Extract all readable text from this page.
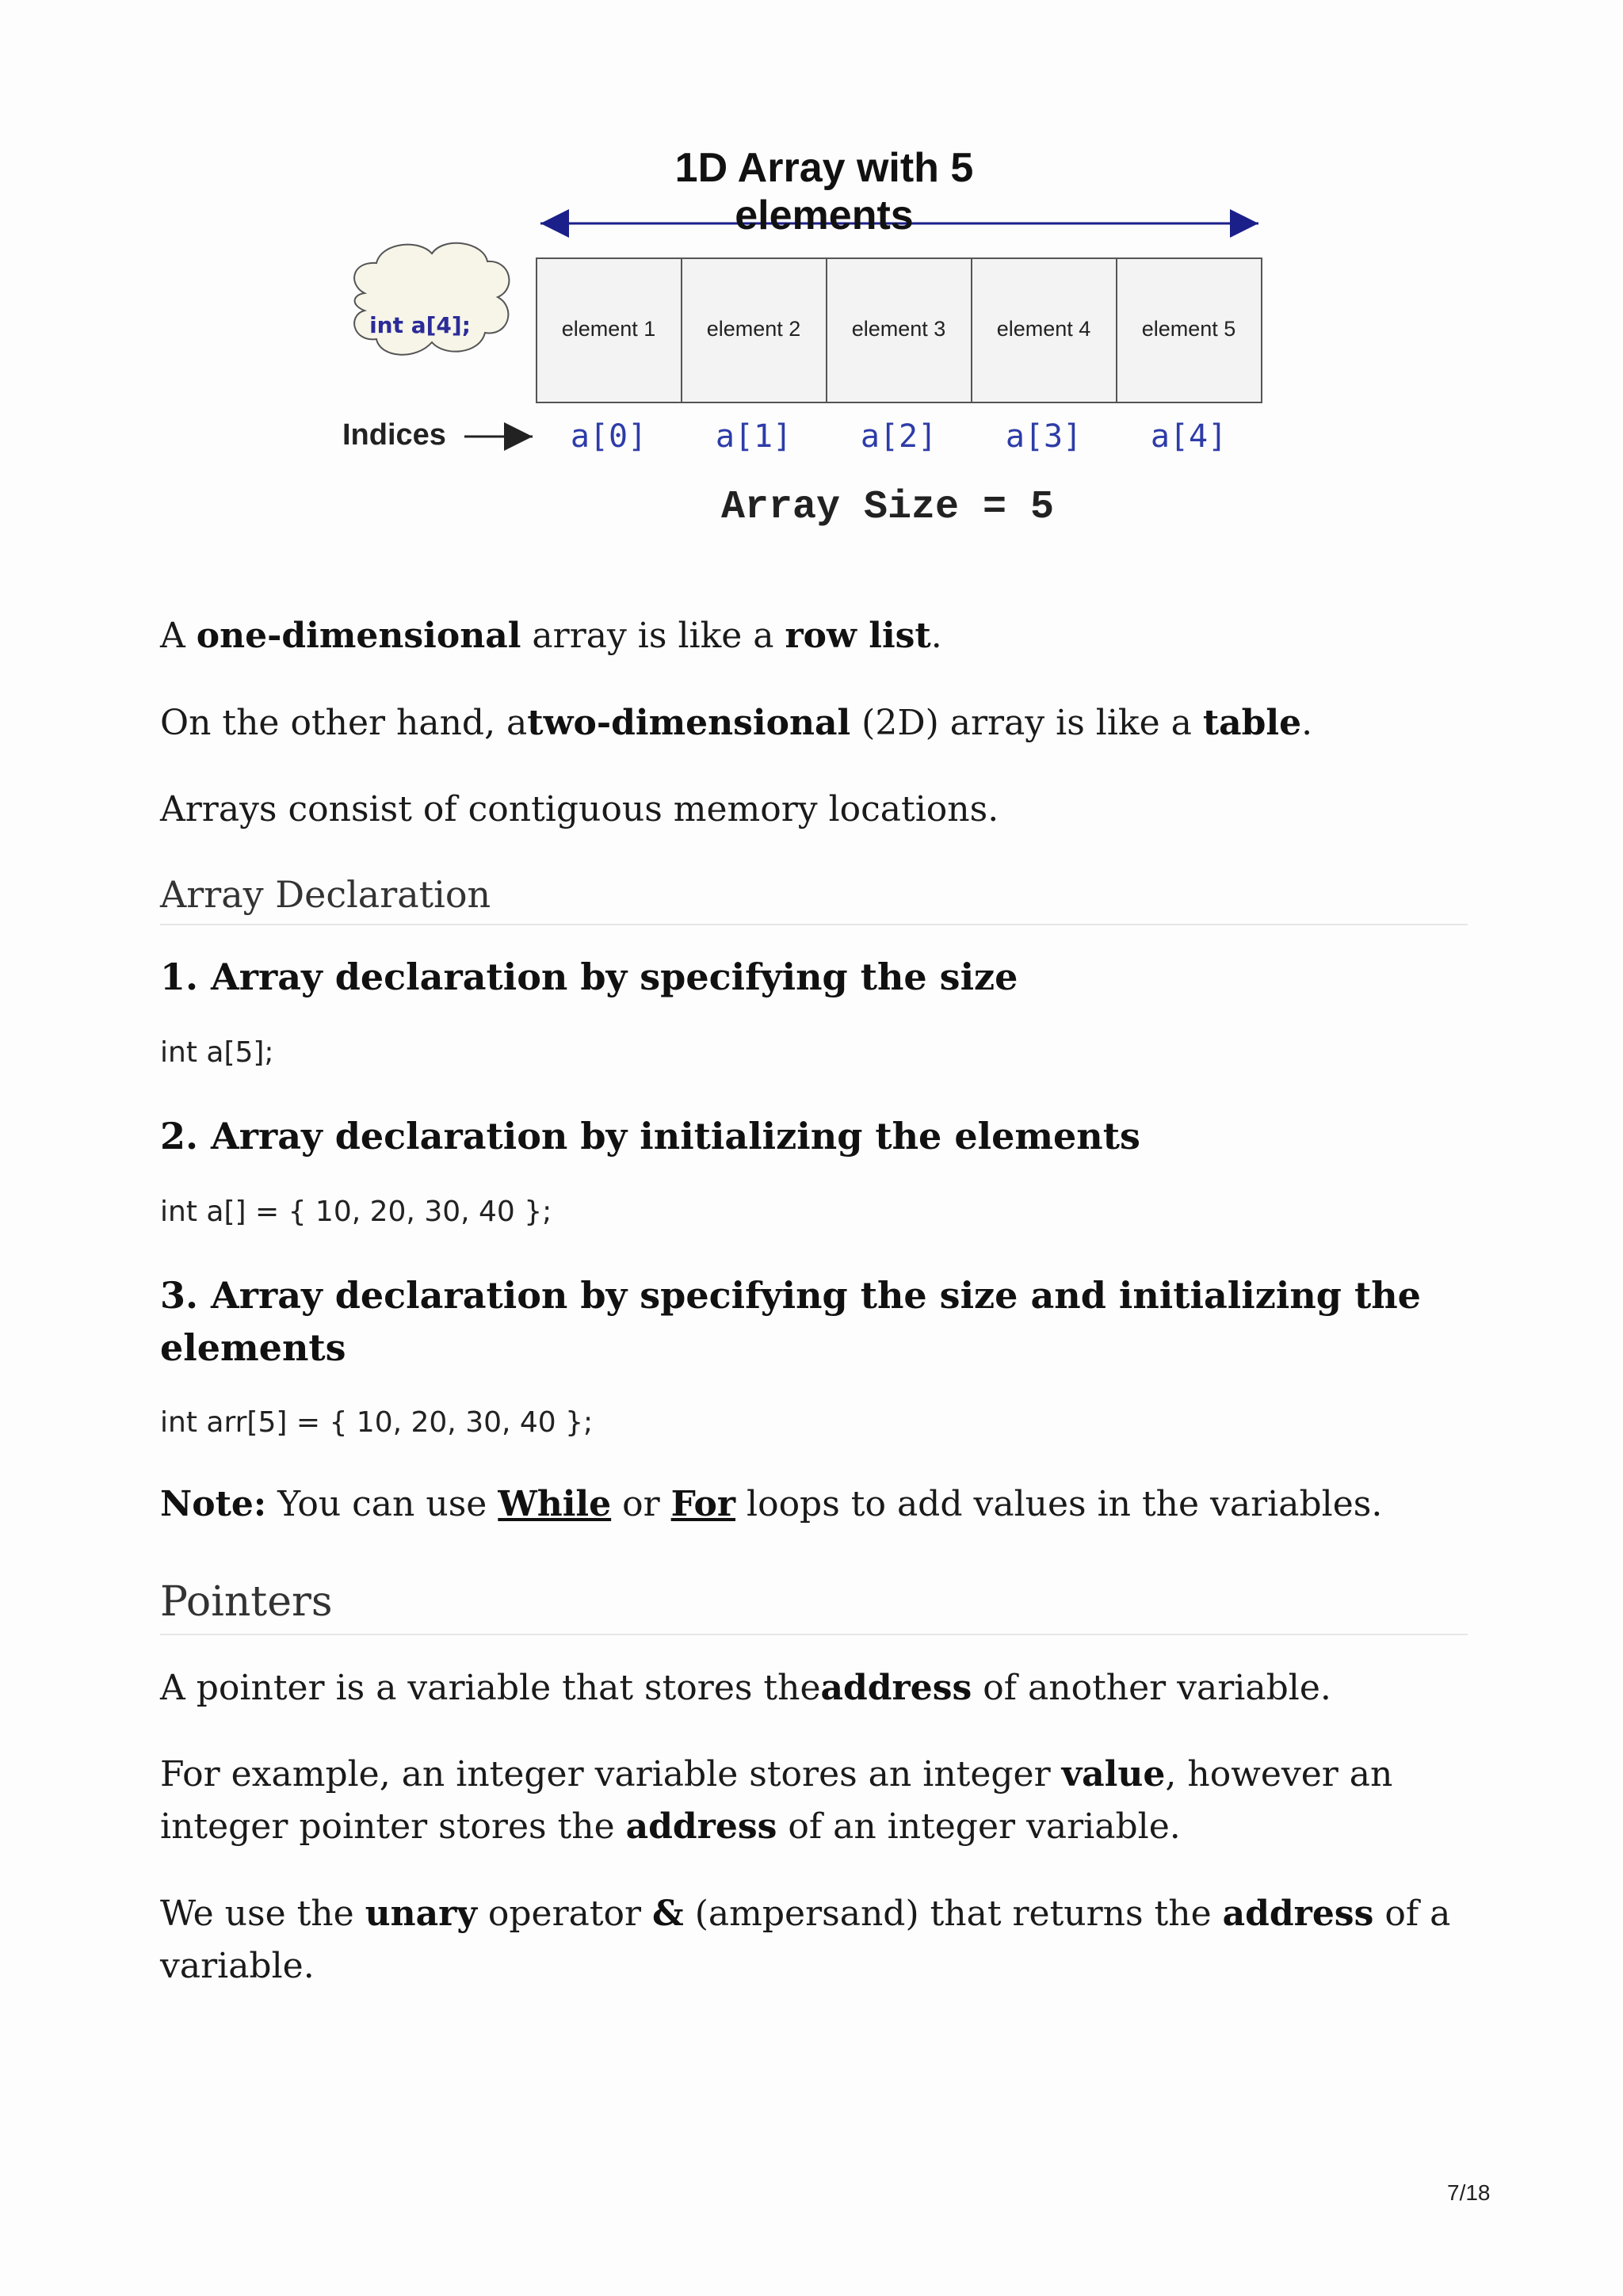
1D Array with 5 elements
int a[4];	element 1	element 2	element 3	element 4	element 5
Indices	a[0]	a[1]	a[2]	a[3]	a[4]
Array Size = 5
A one-dimensional array is like a row list.
On the other hand, atwo-dimensional (2D) array is like a table.
Arrays consist of contiguous memory locations.
Array Declaration
1. Array declaration by specifying the size
int a[5];
2. Array declaration by initializing the elements
int a[] = { 10, 20, 30, 40 };
3. Array declaration by specifying the size and initializing the elements
int arr[5] = { 10, 20, 30, 40 };
Note: You can use While or For loops to add values in the variables.
Pointers
A pointer is a variable that stores theaddress of another variable.
For example, an integer variable stores an integer value, however an integer pointer stores the address of an integer variable.
We use the unary operator & (ampersand) that returns the address of a variable.
7/18
